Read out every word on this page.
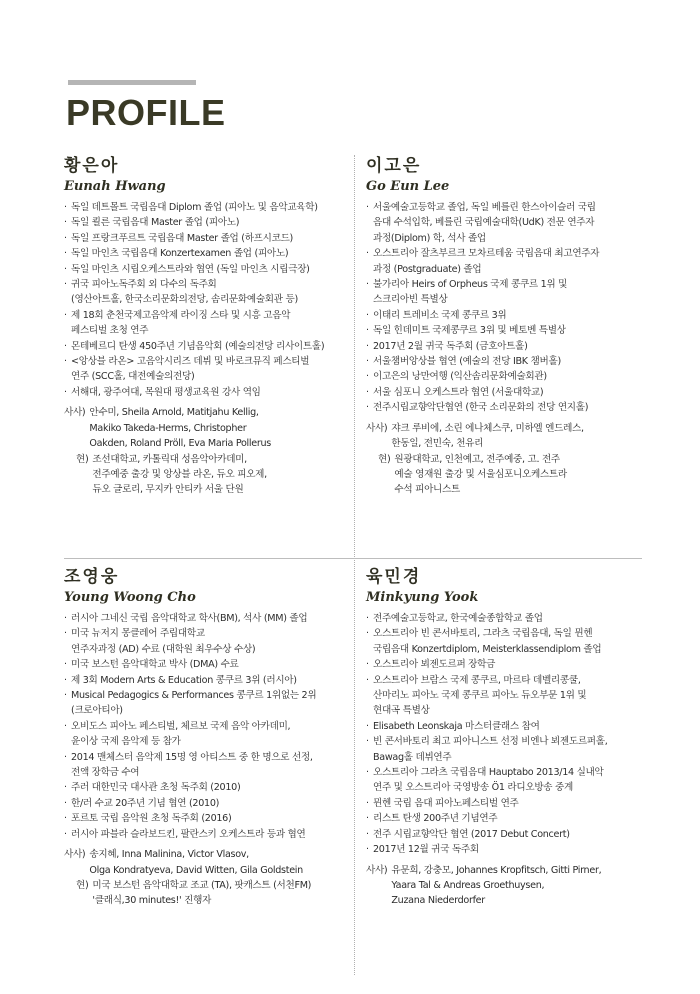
PROFILE
황은아
Eunah Hwang
· 독일 데트몰트 국립음대 Diplom 졸업 (피아노 및 음악교육학)
· 독일 쾰른 국립음대 Master 졸업 (피아노)
· 독일 프랑크푸르트 국립음대 Master 졸업 (하프시코드)
· 독일 마인츠 국립음대 Konzertexamen 졸업 (피아노)
· 독일 마인츠 시립오케스트라와 협연 (독일 마인츠 시립극장)
· 귀국 피아노독주회 외 다수의 독주회
(영산아트홀, 한국소리문화의전당, 솜리문화예술회관 등)
· 제 18회 춘천국제고음악제 라이징 스타 및 시흥 고음악
페스티벌 초청 연주
· 몬테베르디 탄생 450주년 기념음악회 (예술의전당 리사이트홀)
· <앙상블 라온> 고음악시리즈 데뷔 및 바로크뮤직 페스티벌
연주 (SCC홀, 대전예술의전당)
· 서해대, 광주여대, 목원대 평생교육원 강사 역임
사사) 안수미, Sheila Arnold, Matitjahu Kellig,
Makiko Takeda-Herms, Christopher
Oakden, Roland Pröll, Eva Maria Pollerus
현) 조선대학교, 카톨릭대 성음악아카데미,
전주예중 출강 및 앙상블 라온, 듀오 피오제,
듀오 글로리, 무지카 안티카 서울 단원
이고은
Go Eun Lee
· 서울예술고등학교 졸업, 독일 베를린 한스아이슬러 국립
음대 수석입학, 베를린 국립예술대학(UdK) 전문 연주자
과정(Diplom) 학, 석사 졸업
· 오스트리아 잘츠부르크 모차르테움 국립음대 최고연주자
과정 (Postgraduate) 졸업
· 불가리아 Heirs of Orpheus 국제 콩쿠르 1위 및
스크리아빈 특별상
· 이태리 트레비소 국제 콩쿠르 3위
· 독일 힌데미트 국제콩쿠르 3위 및 베토벤 특별상
· 2017년 2월 귀국 독주회 (금호아트홀)
· 서울챔버앙상블 협연 (예술의 전당 IBK 챔버홀)
· 이고은의 낭만여행 (익산솜리문화예술회관)
· 서울 심포니 오케스트라 협연 (서울대학교)
· 전주시립교향악단협연 (한국 소리문화의 전당 연지홀)
사사) 쟈크 루비에, 소린 에나체스쿠, 미하엘 엔드레스,
한동일, 전민숙, 천유리
현) 원광대학교, 인천예고, 전주예중, 고. 전주
예술 영재원 출강 및 서울심포니오케스트라
수석 피아니스트
조영웅
Young Woong Cho
· 러시아 그네신 국립 음악대학교 학사(BM), 석사 (MM) 졸업
· 미국 뉴저지 몽클레어 주립대학교
연주자과정 (AD) 수료 (대학원 최우수상 수상)
· 미국 보스턴 음악대학교 박사 (DMA) 수료
· 제 3회 Modern Arts & Education 콩쿠르 3위 (러시아)
· Musical Pedagogics & Performances 콩쿠르 1위없는 2위
(크로아티아)
· 오비도스 피아노 페스티벌, 체르보 국제 음악 아카데미,
윤이상 국제 음악제 등 참가
· 2014 맨체스터 음악제 15명 영 아티스트 중 한 명으로 선정,
전액 장학금 수여
· 주러 대한민국 대사관 초청 독주회 (2010)
· 한/러 수교 20주년 기념 협연 (2010)
· 포르토 국립 음악원 초청 독주회 (2016)
· 러시아 파블라 슬라보드킨, 팔란스키 오케스트라 등과 협연
사사) 송지혜, Inna Malinina, Victor Vlasov,
Olga Kondratyeva, David Witten, Gila Goldstein
현) 미국 보스턴 음악대학교 조교 (TA), 팟캐스트 (서천FM)
'클래식,30 minutes!' 진행자
육민경
Minkyung Yook
· 전주예술고등학교, 한국예술종합학교 졸업
· 오스트리아 빈 콘서바토리, 그라츠 국립음대, 독일 뮌헨
국립음대 Konzertdiplom, Meisterklassendiplom 졸업
· 오스트리아 뵈젠도르퍼 장학금
· 오스트리아 브람스 국제 콩쿠르, 마르타 데벨리콩쿨,
산마리노 피아노 국제 콩쿠르 피아노 듀오부문 1위 및
현대곡 특별상
· Elisabeth Leonskaja 마스터클래스 참여
· 빈 콘서바토리 최고 피아니스트 선정 비엔나 뵈젠도르퍼홀,
Bawag홀 데뷔연주
· 오스트리아 그라츠 국립음대 Hauptabo 2013/14 실내악
연주 및 오스트리아 국영방송 Ö1 라디오방송 중계
· 뮌헨 국립 음대 피아노페스티벌 연주
· 리스트 탄생 200주년 기념연주
· 전주 시립교향악단 협연 (2017 Debut Concert)
· 2017년 12월 귀국 독주회
사사) 유문희, 강충모, Johannes Kropfitsch, Gitti Pirner,
Yaara Tal & Andreas Groethuysen,
Zuzana Niederdorfer
